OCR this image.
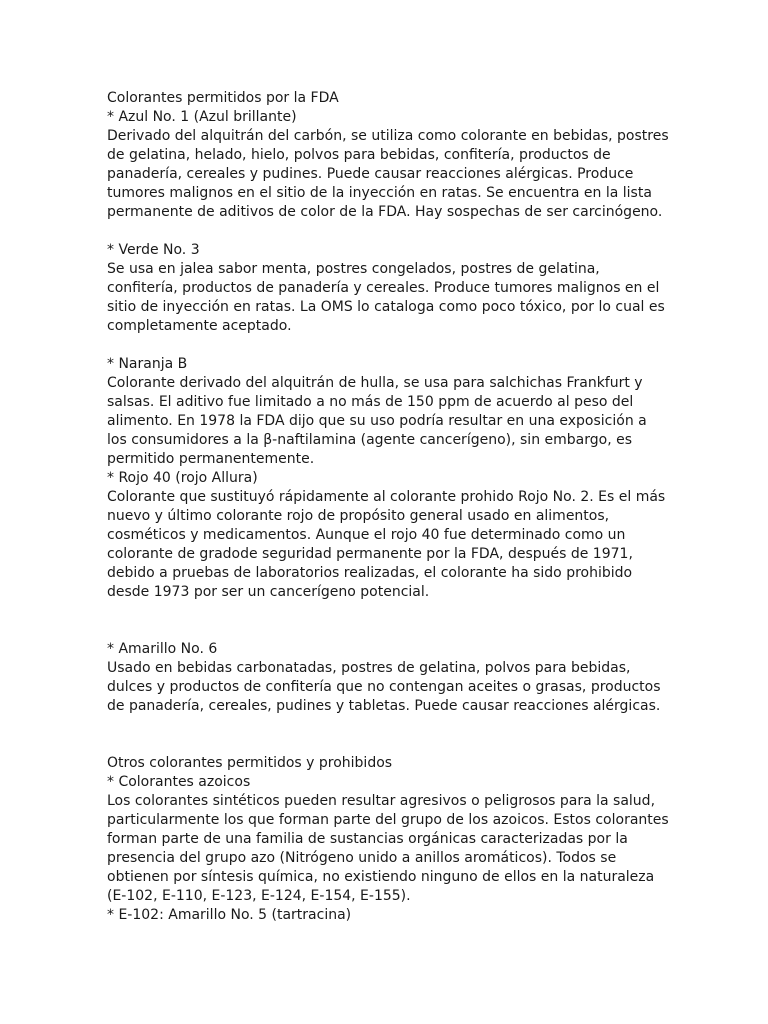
Colorantes permitidos por la FDA
* Azul No. 1 (Azul brillante)
Derivado del alquitrán del carbón, se utiliza como colorante en bebidas, postres
de gelatina, helado, hielo, polvos para bebidas, confitería, productos de
panadería, cereales y pudines. Puede causar reacciones alérgicas. Produce
tumores malignos en el sitio de la inyección en ratas. Se encuentra en la lista
permanente de aditivos de color de la FDA. Hay sospechas de ser carcinógeno.
* Verde No. 3
Se usa en jalea sabor menta, postres congelados, postres de gelatina,
confitería, productos de panadería y cereales. Produce tumores malignos en el
sitio de inyección en ratas. La OMS lo cataloga como poco tóxico, por lo cual es
completamente aceptado.
* Naranja B
Colorante derivado del alquitrán de hulla, se usa para salchichas Frankfurt y
salsas. El aditivo fue limitado a no más de 150 ppm de acuerdo al peso del
alimento. En 1978 la FDA dijo que su uso podría resultar en una exposición a
los consumidores a la β-naftilamina (agente cancerígeno), sin embargo, es
permitido permanentemente.
* Rojo 40 (rojo Allura)
Colorante que sustituyó rápidamente al colorante prohido Rojo No. 2. Es el más
nuevo y último colorante rojo de propósito general usado en alimentos,
cosméticos y medicamentos. Aunque el rojo 40 fue determinado como un
colorante de gradode seguridad permanente por la FDA, después de 1971,
debido a pruebas de laboratorios realizadas, el colorante ha sido prohibido
desde 1973 por ser un cancerígeno potencial.
* Amarillo No. 6
Usado en bebidas carbonatadas, postres de gelatina, polvos para bebidas,
dulces y productos de confitería que no contengan aceites o grasas, productos
de panadería, cereales, pudines y tabletas. Puede causar reacciones alérgicas.
Otros colorantes permitidos y prohibidos
* Colorantes azoicos
Los colorantes sintéticos pueden resultar agresivos o peligrosos para la salud,
particularmente los que forman parte del grupo de los azoicos. Estos colorantes
forman parte de una familia de sustancias orgánicas caracterizadas por la
presencia del grupo azo (Nitrógeno unido a anillos aromáticos). Todos se
obtienen por síntesis química, no existiendo ninguno de ellos en la naturaleza
(E-102, E-110, E-123, E-124, E-154, E-155).
* E-102: Amarillo No. 5 (tartracina)
